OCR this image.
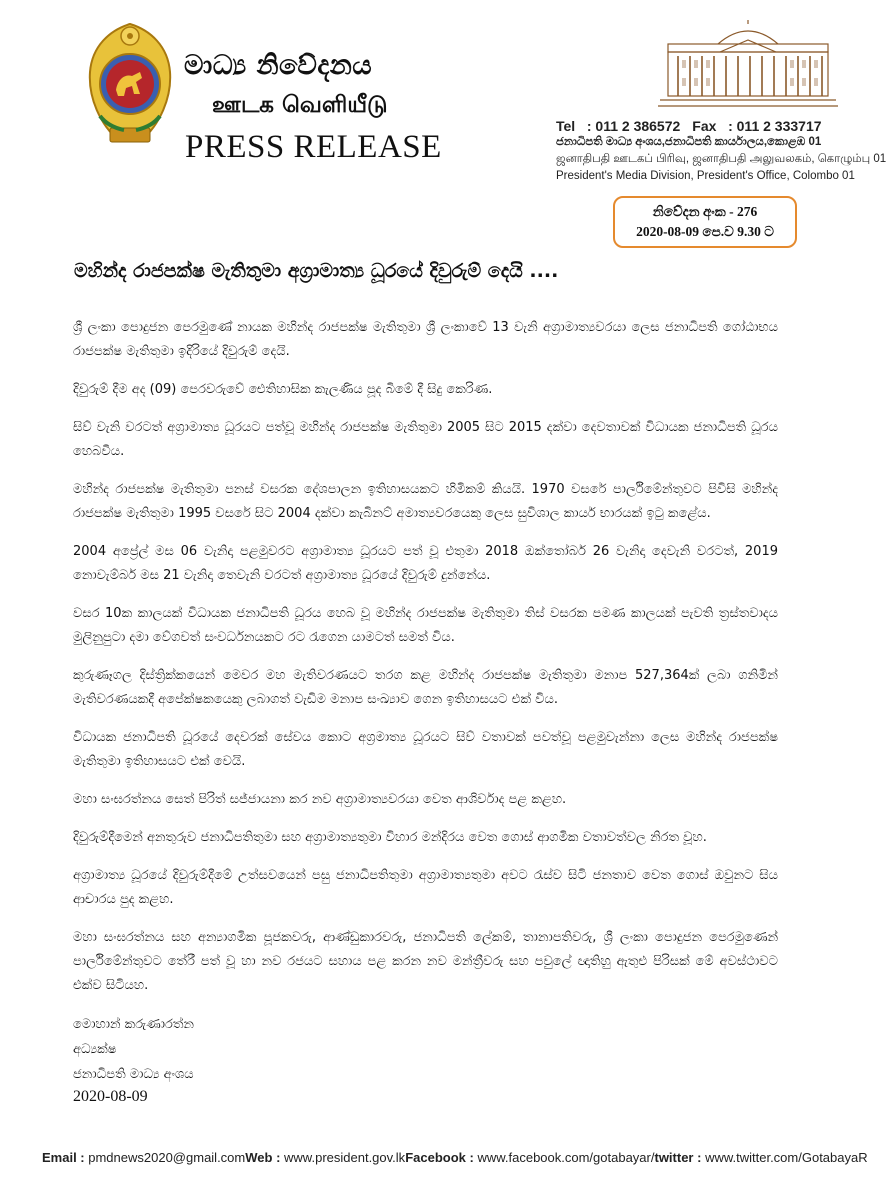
මාධ්‍ය නිවේදනය
ஊடக வெளியீடு
PRESS RELEASE
Tel : 011 2 386572 Fax : 011 2 333717
ජනාධිපති මාධ්‍ය අංශය,ජනාධිපති කාර්යාලය,කොළඹ 01
ஜனாதிபதி ஊடகப் பிரிவு, ஜனாதிபதி அலுவலகம், கொழும்பு 01
President's Media Division, President's Office, Colombo 01
නිවේදන අංක - 276
2020-08-09 පෙ.ව 9.30 ට
මහින්ද රාජපක්ෂ මැතිතුමා අග්‍රාමාත්‍ය ධූරයේ දිවුරුම් දෙයි ....

ශ්‍රී ලංකා පොදුජන පෙරමුණේ නායක මහින්ද රාජපක්ෂ මැතිතුමා ශ්‍රී ලංකාවේ 13 වැනි අග්‍රාමාත්‍යවරයා ලෙස ජනාධිපති ගෝඨාභය රාජපක්ෂ මැතිතුමා ඉදිරියේ දිවුරුම් දෙයි.

දිවුරුම් දීම අද (09) පෙරවරුවේ ඓතිහාසික කැලණිය පූද බිමේ දී සිදු කෙරිණ.

සිව් වැනි වරටත් අග්‍රාමාත්‍ය ධූරයට පත්වූ මහින්ද රාජපක්ෂ මැතිතුමා 2005 සිට 2015 දක්වා දෙවතාවක් විධායක ජනාධිපති ධූරය හෙබවීය.

මහින්ද රාජපක්ෂ මැතිතුමා පනස් වසරක දේශපාලන ඉතිහාසයකට හිමිකම් කියයි. 1970 වසරේ පාර්ලිමේන්තුවට පිවිසි මහින්ද රාජපක්ෂ මැතිතුමා 1995 වසරේ සිට 2004 දක්වා කැබිනට් අමාත්‍යවරයෙකු ලෙස සුවිශාල කාර්ය භාරයක් ඉටු කළේය.

2004 අප්‍රේල් මස 06 වැනිදා පළමුවරට අග්‍රාමාත්‍ය ධූරයට පත් වූ එතුමා 2018 ඔක්තෝබර් 26 වැනිදා දෙවැනි වරටත්, 2019 නොවැම්බර් මස 21 වැනිදා තෙවැනි වරටත් අග්‍රාමාත්‍ය ධූරයේ දිවුරුම් දුන්නේය.

වසර 10ක කාලයක් විධායක ජනාධිපති ධූරය හෙබ වූ මහින්ද රාජපක්ෂ මැතිතුමා තිස් වසරක පමණ කාලයක් පැවති ත්‍රස්තවාදය මුලිනුපුටා දමා වේගවත් සංවර්ධනයකට රට රැගෙන යාමටත් සමත් විය.

කුරුණෑගල දිස්ත්‍රික්කයෙන් මෙවර මහ මැතිවරණයට තරග කළ මහින්ද රාජපක්ෂ මැතිතුමා මනාප 527,364ක් ලබා ගනිමින් මැතිවරණයකදී අපේක්ෂකයෙකු ලබාගත් වැඩිම මනාප සංඛ්‍යාව ගෙන ඉතිහාසයට එක් විය.

විධායක ජනාධිපති ධූරයේ දෙවරක් සේවය කොට අග්‍රමාත්‍ය ධූරයට සිව් වතාවක් පවත්වූ පළමුවැන්නා ලෙස මහින්ද රාජපක්ෂ මැතිතුමා ඉතිහාසයට එක් වෙයි.

මහා සංඝරත්නය සෙත් පිරිත් සජ්ජායනා කර නව අග්‍රාමාත්‍යවරයා වෙත ආශිර්වාද පළ කළහ.

දිවුරුම්දීමෙන් අනතුරුව ජනාධිපතිතුමා සහ අග්‍රාමාත්‍යතුමා විහාර මන්දිරය වෙත ගොස් ආගමික වතාවත්වල නිරත වූහ.

අග්‍රාමාත්‍ය ධූරයේ දිවුරුම්දීමේ උත්සවයෙන් පසු ජනාධිපතිතුමා අග්‍රාමාත්‍යතුමා අවට රැස්ව සිටි ජනතාව වෙත ගොස් ඔවුනට සිය ආචාරය පුද කළහ.

මහා සංඝරත්නය සහ අන්‍යාගමික පූජකවරු, ආණ්ඩුකාරවරු, ජනාධිපති ලේකම්, තානාපතිවරු, ශ්‍රී ලංකා පොදුජන පෙරමුණෙන් පාර්ලිමේන්තුවට තේරී පත් වූ හා නව රජයට සහාය පළ කරන නව මන්ත්‍රීවරු සහ පවුලේ ඥාතිහු ඇතුළු පිරිසක් මේ අවස්ථාවට එක්ව සිටියහ.

මොහාන් කරුණාරත්න
අධ්‍යක්ෂ
ජනාධිපති මාධ්‍ය අංශය
2020-08-09
Email : pmdnews2020@gmail.com Web : www.president.gov.lk Facebook : www.facebook.com/gotabayar/ twitter : www.twitter.com/GotabayaR
